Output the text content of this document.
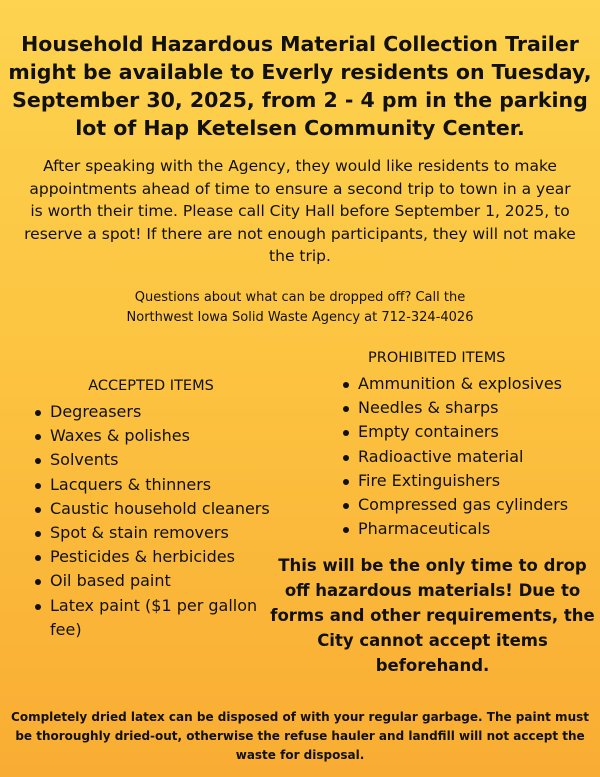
Household Hazardous Material Collection Trailer might be available to Everly residents on Tuesday, September 30, 2025, from 2 - 4 pm in the parking lot of Hap Ketelsen Community Center.

After speaking with the Agency, they would like residents to make appointments ahead of time to ensure a second trip to town in a year is worth their time. Please call City Hall before September 1, 2025, to reserve a spot! If there are not enough participants, they will not make the trip.

Questions about what can be dropped off? Call the
Northwest Iowa Solid Waste Agency at 712-324-4026

ACCEPTED ITEMS
Degreasers
Waxes & polishes
Solvents
Lacquers & thinners
Caustic household cleaners
Spot & stain removers
Pesticides & herbicides
Oil based paint
Latex paint ($1 per gallon fee)
PROHIBITED ITEMS
Ammunition & explosives
Needles & sharps
Empty containers
Radioactive material
Fire Extinguishers
Compressed gas cylinders
Pharmaceuticals

This will be the only time to drop off hazardous materials! Due to forms and other requirements, the City cannot accept items beforehand.

Completely dried latex can be disposed of with your regular garbage. The paint must be thoroughly dried-out, otherwise the refuse hauler and landfill will not accept the waste for disposal.
